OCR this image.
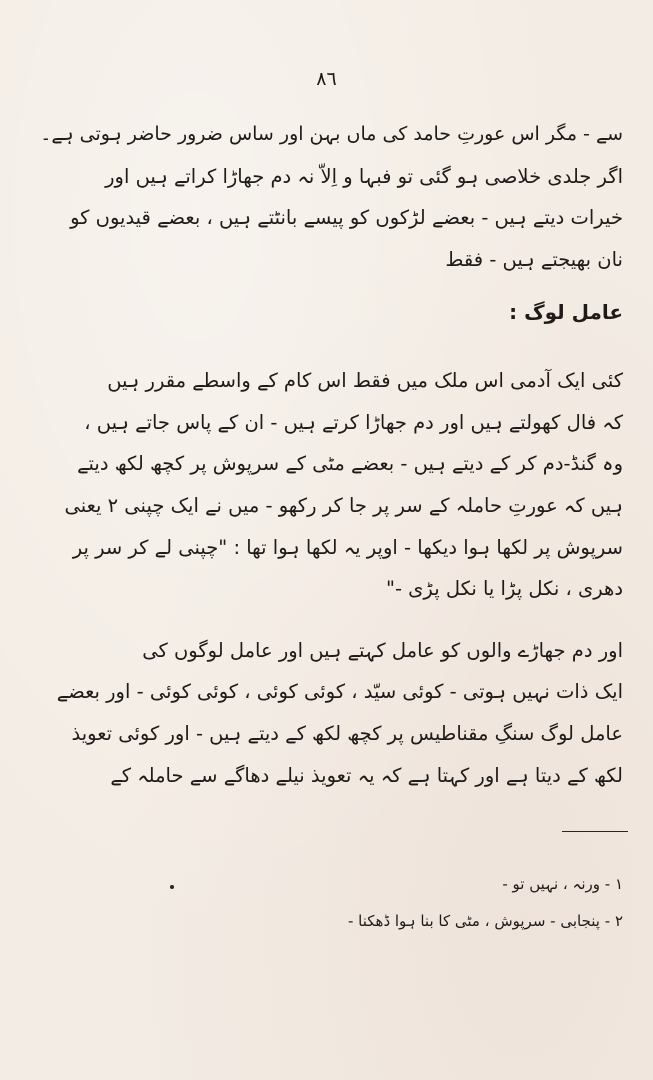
٨٦
سے - مگر اس عورتِ حامد کی ماں بہن اور ساس ضرور حاضر ہوتی ہے۔
اگر جلدی خلاصی ہو گئی تو فبہا و اِلاّ نہ دم جھاڑا کراتے ہیں اور
خیرات دیتے ہیں - بعضے لڑکوں کو پیسے بانٹتے ہیں ، بعضے قیدیوں کو
نان بھیجتے ہیں - فقط
عامل لوگ :
کئی ایک آدمی اس ملک میں فقط اس کام کے واسطے مقرر ہیں
کہ فال کھولتے ہیں اور دم جھاڑا کرتے ہیں - ان کے پاس جاتے ہیں ،
وہ گنڈ-دم کر کے دیتے ہیں - بعضے مٹی کے سرپوش پر کچھ لکھ دیتے
ہیں کہ عورتِ حاملہ کے سر پر جا کر رکھو - میں نے ایک چپنی ٢ یعنی
سرپوش پر لکھا ہوا دیکھا - اوپر یہ لکھا ہوا تھا : "چپنی لے کر سر پر
دھری ، نکل پڑا یا نکل پڑی -"
اور دم جھاڑے والوں کو عامل کہتے ہیں اور عامل لوگوں کی
ایک ذات نہیں ہوتی - کوئی سیّد ، کوئی کوئی ، کوئی کوئی - اور بعضے
عامل لوگ سنگِ مقناطیس پر کچھ لکھ کے دیتے ہیں - اور کوئی تعویذ
لکھ کے دیتا ہے اور کہتا ہے کہ یہ تعویذ نیلے دھاگے سے حاملہ کے
١ - ورنہ ، نہیں تو -
٢ - پنجابی - سرپوش ، مٹی کا بنا ہوا ڈھکنا -
